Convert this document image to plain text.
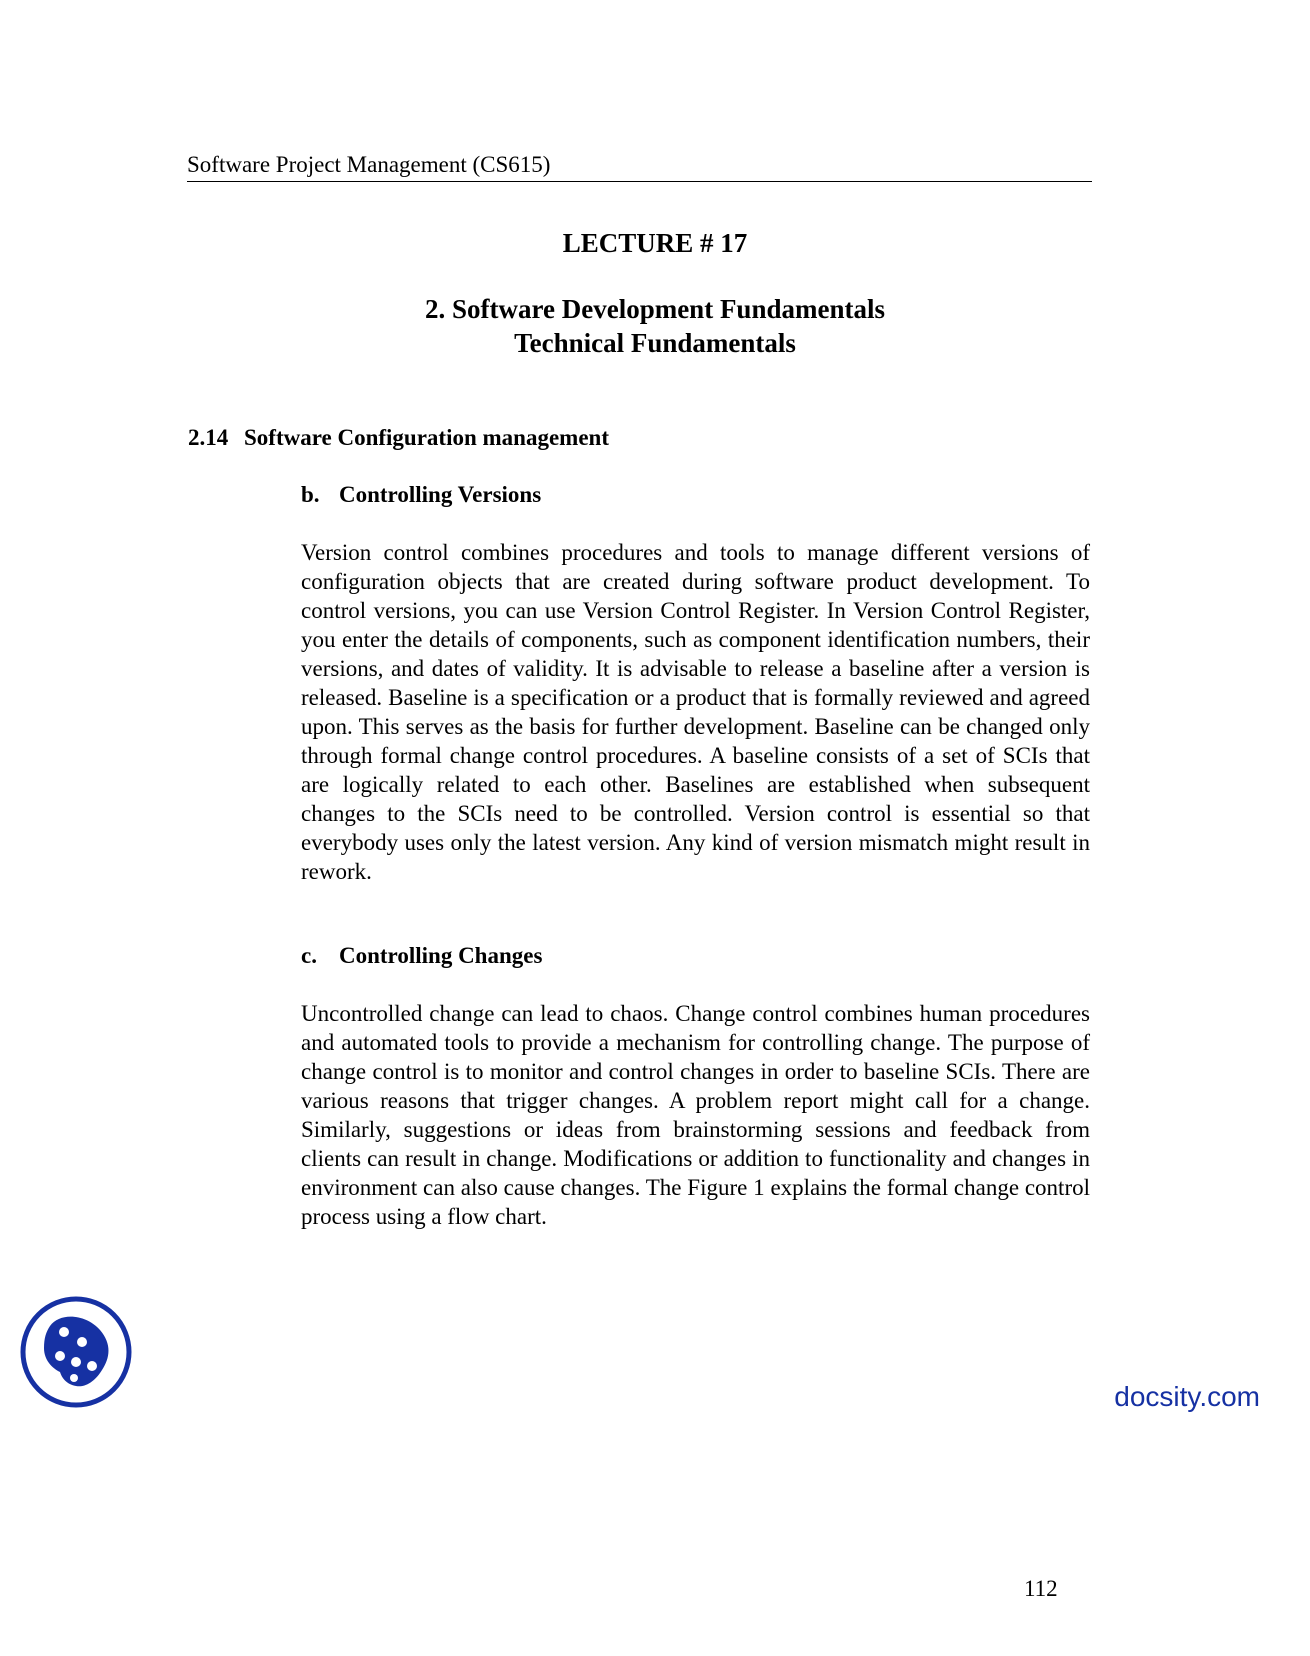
Software Project Management (CS615)
LECTURE # 17
2. Software Development Fundamentals
Technical Fundamentals
2.14 Software Configuration management
b. Controlling Versions

Version control combines procedures and tools to manage different versions of configuration objects that are created during software product development. To control versions, you can use Version Control Register. In Version Control Register, you enter the details of components, such as component identification numbers, their versions, and dates of validity. It is advisable to release a baseline after a version is released. Baseline is a specification or a product that is formally reviewed and agreed upon. This serves as the basis for further development. Baseline can be changed only through formal change control procedures. A baseline consists of a set of SCIs that are logically related to each other. Baselines are established when subsequent changes to the SCIs need to be controlled. Version control is essential so that everybody uses only the latest version. Any kind of version mismatch might result in rework.

c. Controlling Changes

Uncontrolled change can lead to chaos. Change control combines human procedures and automated tools to provide a mechanism for controlling change. The purpose of change control is to monitor and control changes in order to baseline SCIs. There are various reasons that trigger changes. A problem report might call for a change. Similarly, suggestions or ideas from brainstorming sessions and feedback from clients can result in change. Modifications or addition to functionality and changes in environment can also cause changes. The Figure 1 explains the formal change control process using a flow chart.

docsity.com
112
